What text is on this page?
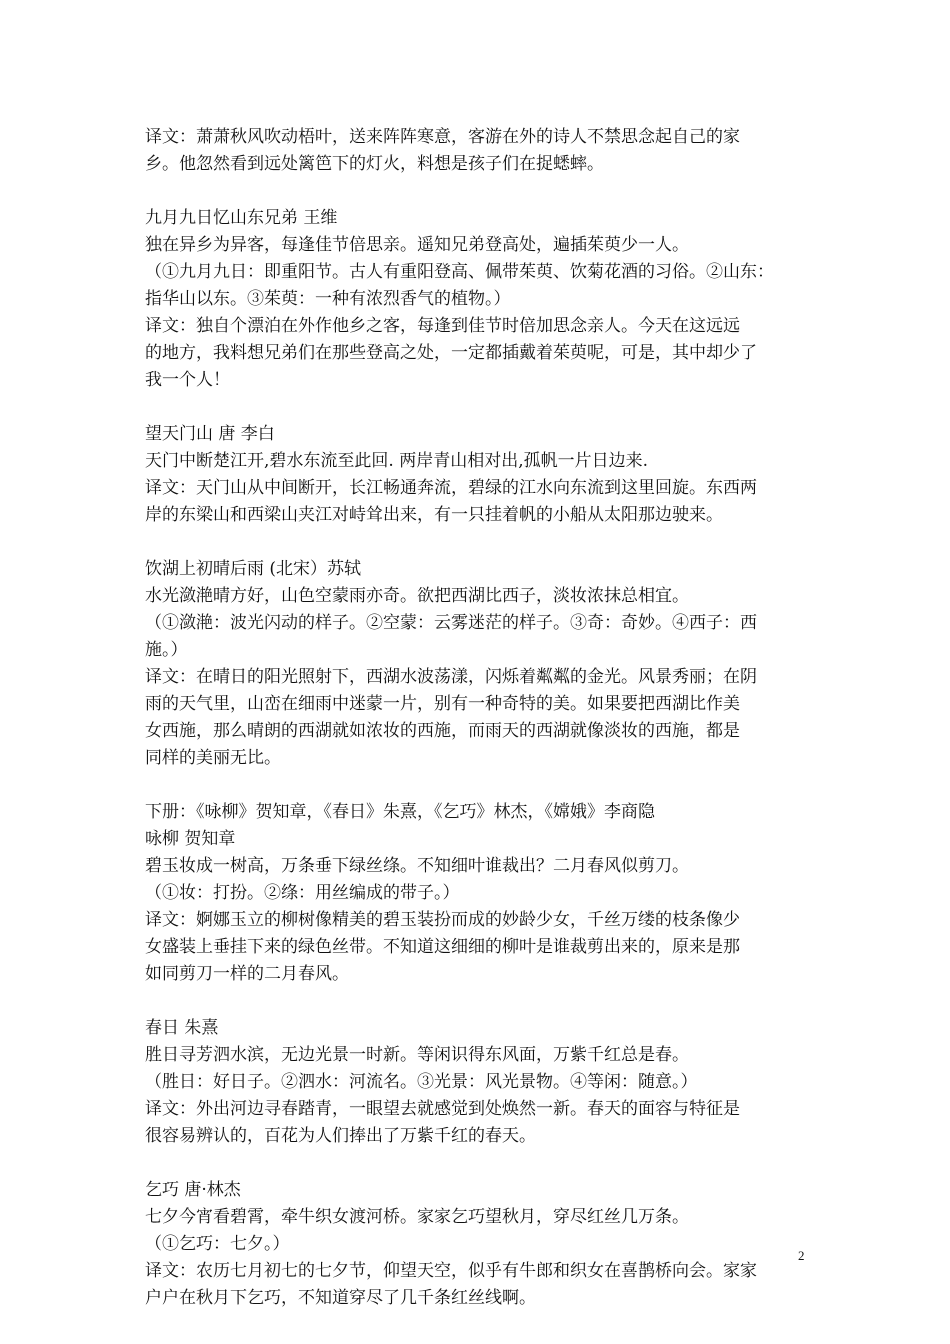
译文：萧萧秋风吹动梧叶，送来阵阵寒意，客游在外的诗人不禁思念起自己的家
乡。他忽然看到远处篱笆下的灯火，料想是孩子们在捉蟋蟀。
九月九日忆山东兄弟 王维
独在异乡为异客，每逢佳节倍思亲。遥知兄弟登高处，遍插茱萸少一人。
（①九月九日：即重阳节。古人有重阳登高、佩带茱萸、饮菊花酒的习俗。②山东：
指华山以东。③茱萸：一种有浓烈香气的植物。）
译文：独自个漂泊在外作他乡之客，每逢到佳节时倍加思念亲人。今天在这远远
的地方，我料想兄弟们在那些登高之处，一定都插戴着茱萸呢，可是，其中却少了
我一个人！
望天门山 唐 李白
天门中断楚江开,碧水东流至此回. 两岸青山相对出,孤帆一片日边来.
译文：天门山从中间断开，长江畅通奔流，碧绿的江水向东流到这里回旋。东西两
岸的东梁山和西梁山夹江对峙耸出来，有一只挂着帆的小船从太阳那边驶来。
饮湖上初晴后雨 (北宋）苏轼
水光潋滟晴方好，山色空蒙雨亦奇。欲把西湖比西子，淡妆浓抹总相宜。
（①潋滟：波光闪动的样子。②空蒙：云雾迷茫的样子。③奇：奇妙。④西子：西
施。）
译文：在晴日的阳光照射下，西湖水波荡漾，闪烁着粼粼的金光。风景秀丽；在阴
雨的天气里，山峦在细雨中迷蒙一片，别有一种奇特的美。如果要把西湖比作美
女西施，那么晴朗的西湖就如浓妆的西施，而雨天的西湖就像淡妆的西施，都是
同样的美丽无比。
下册：《咏柳》贺知章，《春日》朱熹，《乞巧》林杰，《嫦娥》李商隐
咏柳 贺知章
碧玉妆成一树高，万条垂下绿丝绦。不知细叶谁裁出？二月春风似剪刀。
（①妆：打扮。②绦：用丝编成的带子。）
译文：婀娜玉立的柳树像精美的碧玉装扮而成的妙龄少女，千丝万缕的枝条像少
女盛装上垂挂下来的绿色丝带。不知道这细细的柳叶是谁裁剪出来的，原来是那
如同剪刀一样的二月春风。
春日 朱熹
胜日寻芳泗水滨，无边光景一时新。等闲识得东风面，万紫千红总是春。
（胜日：好日子。②泗水：河流名。③光景：风光景物。④等闲：随意。）
译文：外出河边寻春踏青，一眼望去就感觉到处焕然一新。春天的面容与特征是
很容易辨认的，百花为人们捧出了万紫千红的春天。
乞巧 唐·林杰
七夕今宵看碧霄，牵牛织女渡河桥。家家乞巧望秋月，穿尽红丝几万条。
（①乞巧：七夕。）
译文：农历七月初七的七夕节，仰望天空，似乎有牛郎和织女在喜鹊桥向会。家家
户户在秋月下乞巧，不知道穿尽了几千条红丝线啊。
2
